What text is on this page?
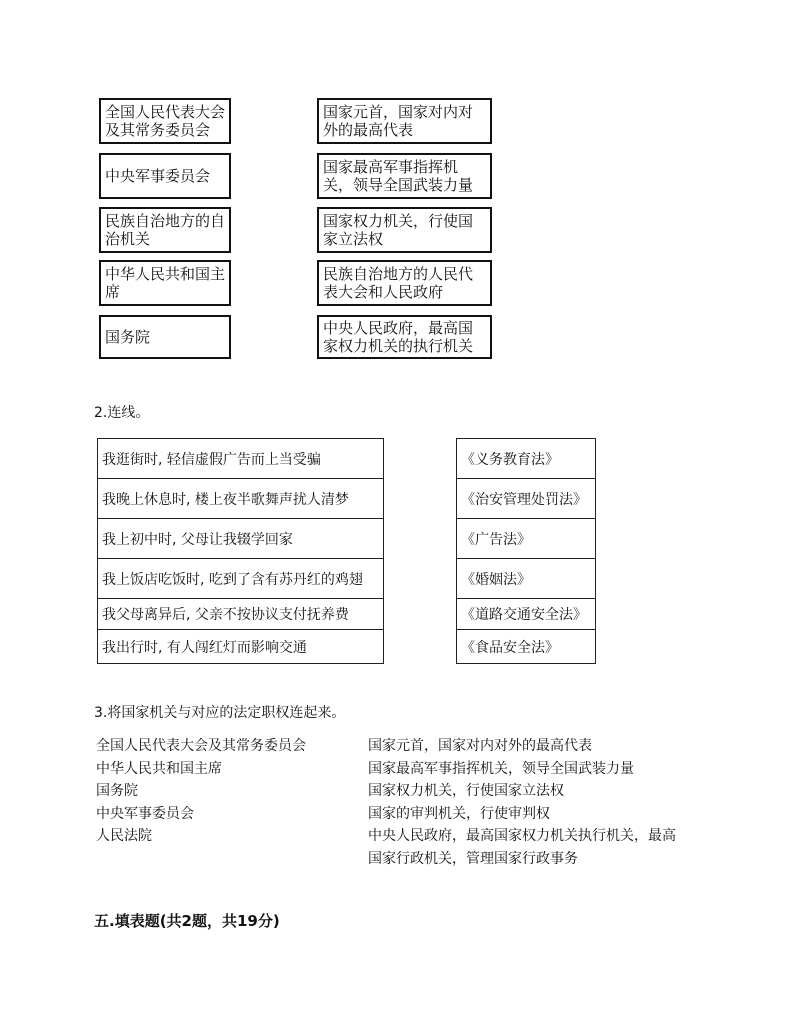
全国人民代表大会及其常务委员会
中央军事委员会
民族自治地方的自治机关
中华人民共和国主席
国务院
国家元首，国家对内对外的最高代表
国家最高军事指挥机关，领导全国武装力量
国家权力机关，行使国家立法权
民族自治地方的人民代表大会和人民政府
中央人民政府，最高国家权力机关的执行机关
2.连线。
我逛街时, 轻信虚假广告而上当受骗
我晚上休息时, 楼上夜半歌舞声扰人清梦
我上初中时, 父母让我辍学回家
我上饭店吃饭时, 吃到了含有苏丹红的鸡翅
我父母离异后, 父亲不按协议支付抚养费
我出行时, 有人闯红灯而影响交通
《义务教育法》
《治安管理处罚法》
《广告法》
《婚姻法》
《道路交通安全法》
《食品安全法》
3.将国家机关与对应的法定职权连起来。
全国人民代表大会及其常务委员会
中华人民共和国主席
国务院
中央军事委员会
人民法院
国家元首，国家对内对外的最高代表
国家最高军事指挥机关，领导全国武装力量
国家权力机关，行使国家立法权
国家的审判机关，行使审判权
中央人民政府，最高国家权力机关执行机关，最高
国家行政机关，管理国家行政事务
五.填表题(共2题，共19分)
